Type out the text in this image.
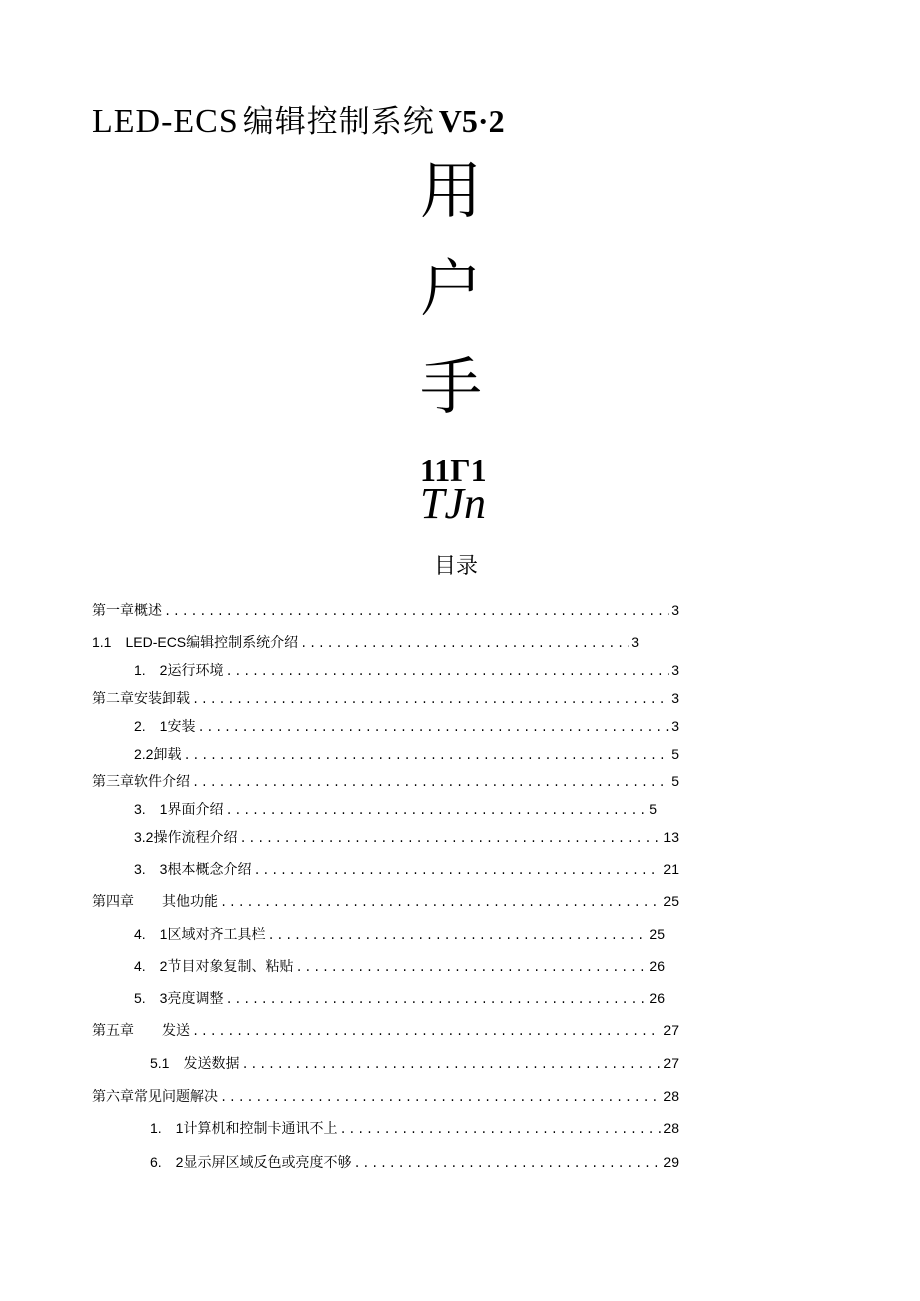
LED-ECS 编辑控制系统 V5·2
用
户
手
11Γ1
TJn
目录
第一章概述 .....	3
1.1　LED-ECS 编辑控制系统介绍 .....	3
1.　2 运行环境 .....	3
第二章安装卸载 .....	3
2.　1 安装 .....	3
2.2 卸载 .....	5
第三章软件介绍 .....	5
3.　1 界面介绍 .....	5
3.2 操作流程介绍 .....	13
3.　3 根本概念介绍 .....	21
第四章　　其他功能 .....	25
4.　1 区域对齐工具栏 .....	25
4.　2 节目对象复制、粘贴 .....	26
5.　3 亮度调整 .....	26
第五章　　发送 .....	27
5.1　 发送数据 .....	27
第六章常见问题解决 .....	28
1.　1 计算机和控制卡通讯不上 .....	28
6.　2 显示屏区域反色或亮度不够 .....	29
